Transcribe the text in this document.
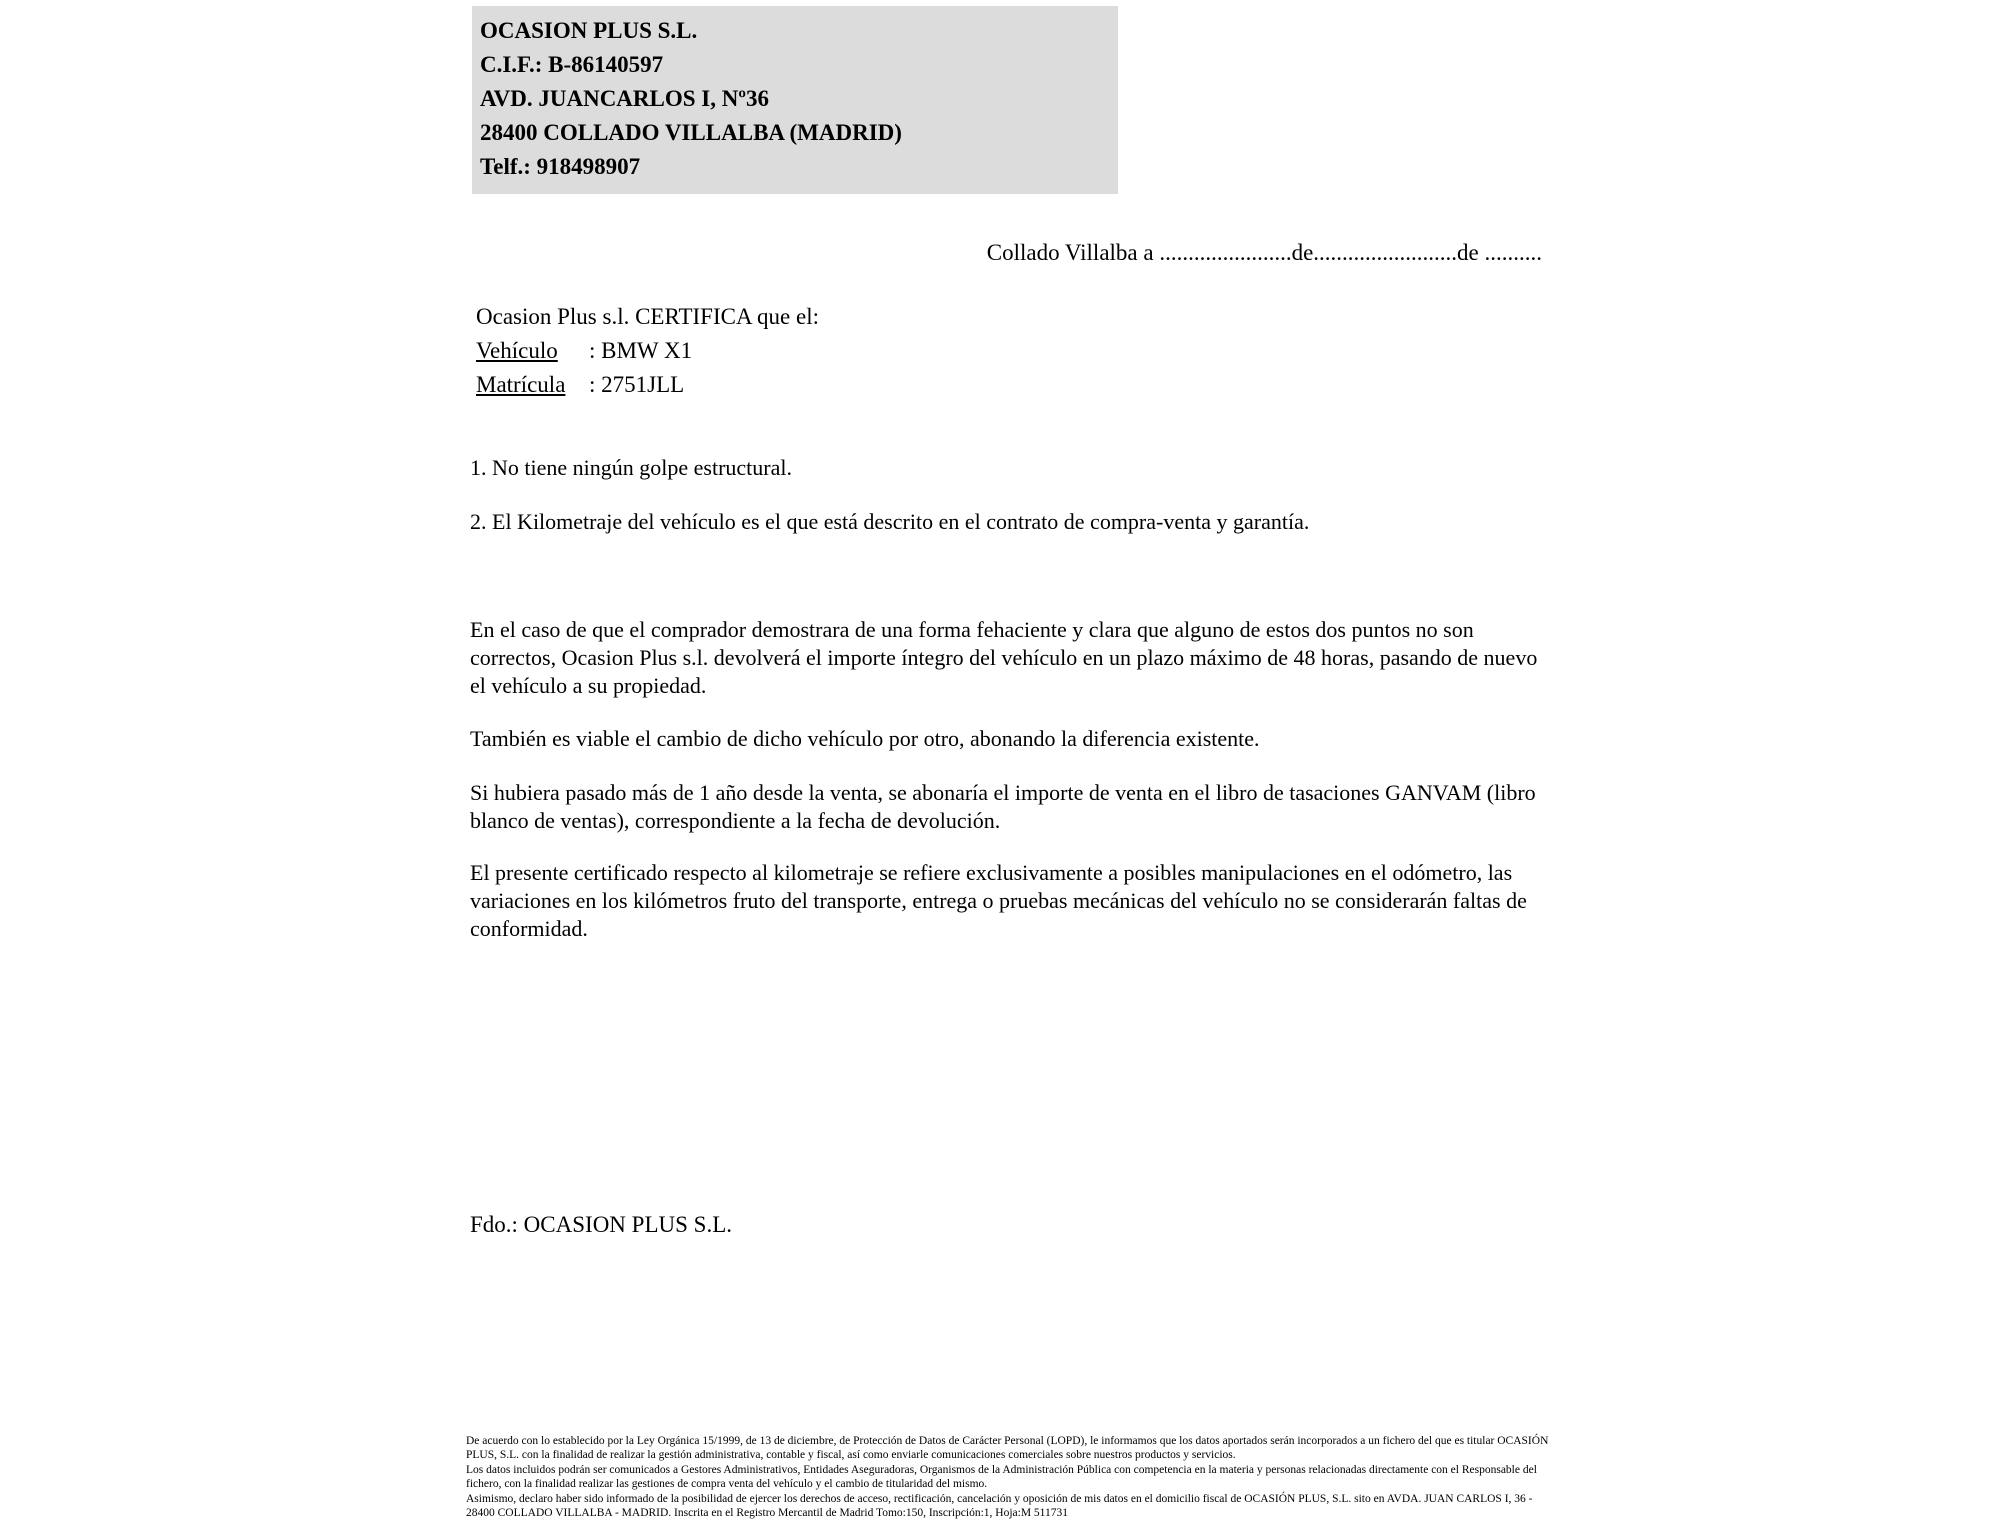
OCASION PLUS S.L.
C.I.F.: B-86140597
AVD. JUANCARLOS I, Nº36
28400 COLLADO VILLALBA (MADRID)
Telf.: 918498907
Collado Villalba a .......................de.........................de ..........
Ocasion Plus s.l. CERTIFICA que el:
Vehículo : BMW X1
Matrícula : 2751JLL
1. No tiene ningún golpe estructural.
2. El Kilometraje del vehículo es el que está descrito en el contrato de compra-venta y garantía.
En el caso de que el comprador demostrara de una forma fehaciente y clara que alguno de estos dos puntos no son correctos, Ocasion Plus s.l. devolverá el importe íntegro del vehículo en un plazo máximo de 48 horas, pasando de nuevo el vehículo a su propiedad.
También es viable el cambio de dicho vehículo por otro, abonando la diferencia existente.
Si hubiera pasado más de 1 año desde la venta, se abonaría el importe de venta en el libro de tasaciones GANVAM (libro blanco de ventas), correspondiente a la fecha de devolución.
El presente certificado respecto al kilometraje se refiere exclusivamente a posibles manipulaciones en el odómetro, las variaciones en los kilómetros fruto del transporte, entrega o pruebas mecánicas del vehículo no se considerarán faltas de conformidad.
Fdo.: OCASION PLUS S.L.

De acuerdo con lo establecido por la Ley Orgánica 15/1999, de 13 de diciembre, de Protección de Datos de Carácter Personal (LOPD), le informamos que los datos aportados serán incorporados a un fichero del que es titular OCASIÓN PLUS, S.L. con la finalidad de realizar la gestión administrativa, contable y fiscal, así como enviarle comunicaciones comerciales sobre nuestros productos y servicios.

Los datos incluidos podrán ser comunicados a Gestores Administrativos, Entidades Aseguradoras, Organismos de la Administración Pública con competencia en la materia y personas relacionadas directamente con el Responsable del fichero, con la finalidad realizar las gestiones de compra venta del vehículo y el cambio de titularidad del mismo.

Asimismo, declaro haber sido informado de la posibilidad de ejercer los derechos de acceso, rectificación, cancelación y oposición de mis datos en el domicilio fiscal de OCASIÓN PLUS, S.L. sito en AVDA. JUAN CARLOS I, 36 - 28400 COLLADO VILLALBA - MADRID. Inscrita en el Registro Mercantil de Madrid Tomo:150, Inscripción:1, Hoja:M 511731
